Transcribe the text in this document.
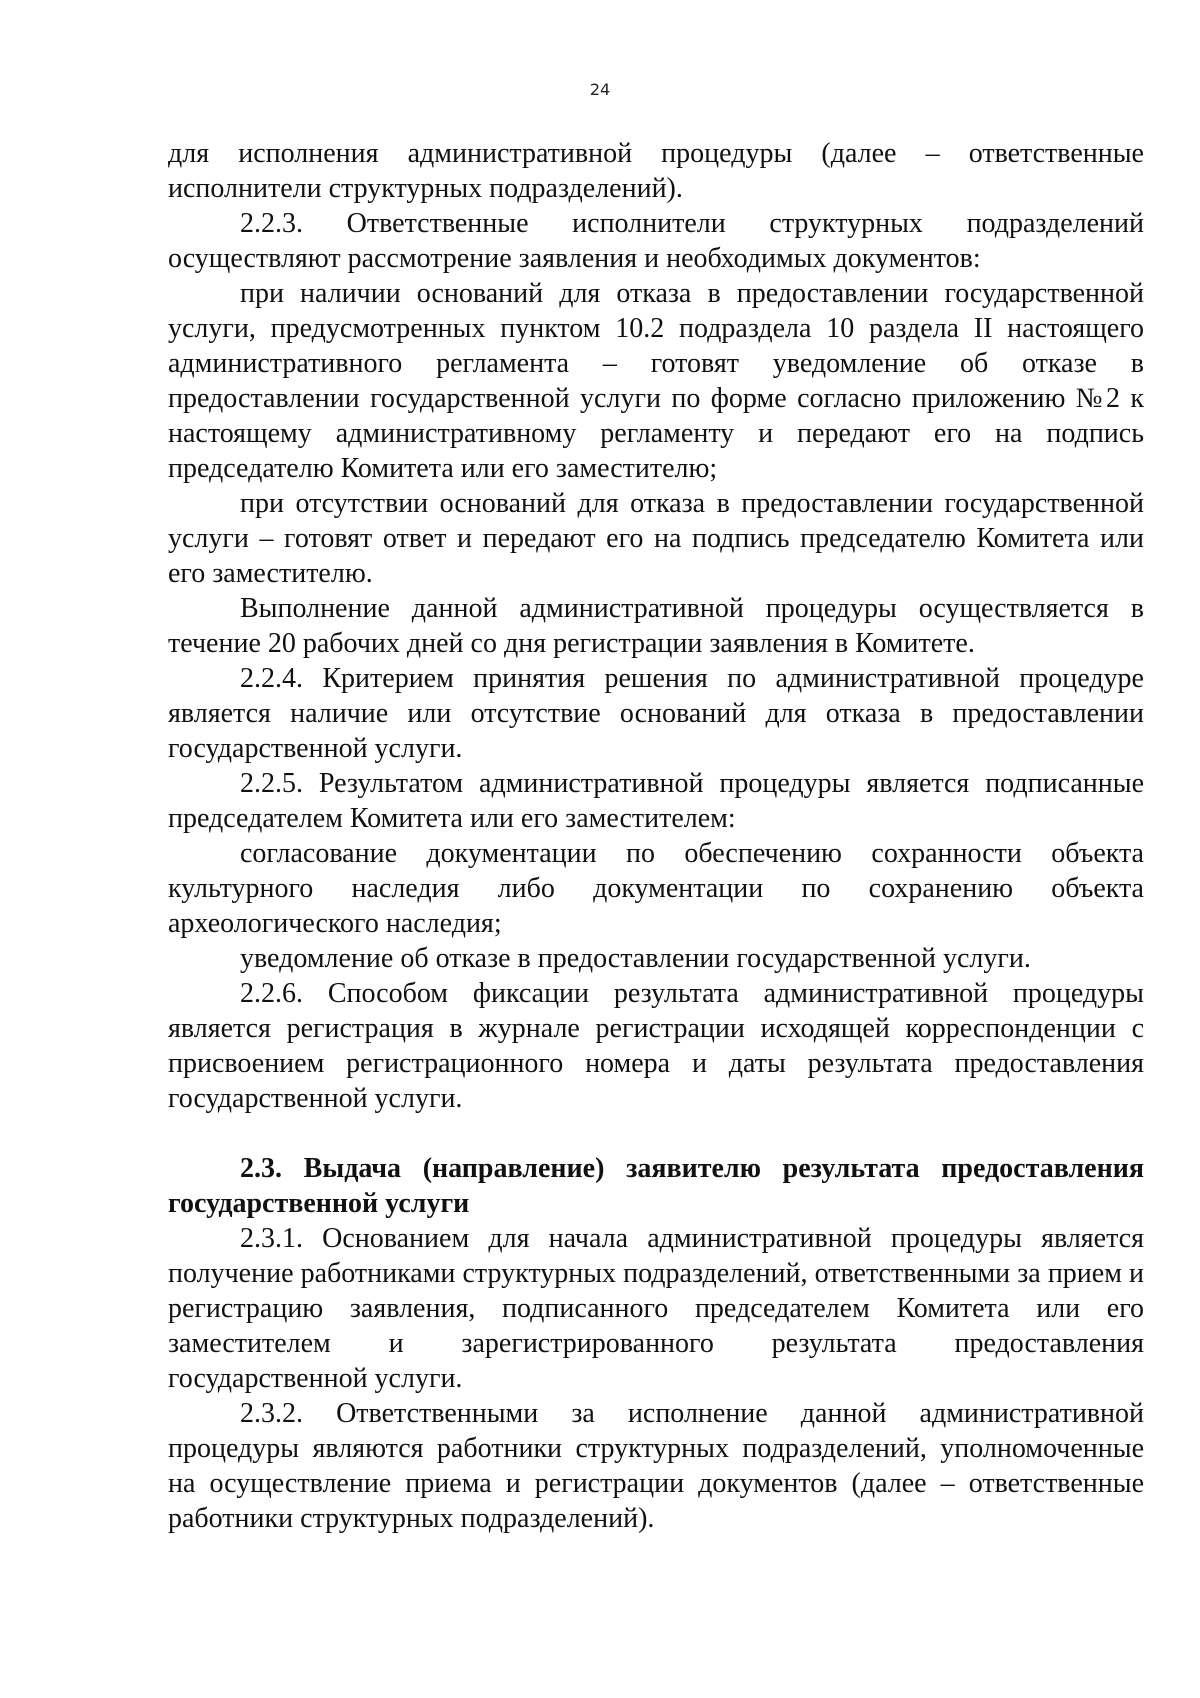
24

для исполнения административной процедуры (далее – ответственные исполнители структурных подразделений).

2.2.3. Ответственные исполнители структурных подразделений осуществляют рассмотрение заявления и необходимых документов:

при наличии оснований для отказа в предоставлении государственной услуги, предусмотренных пунктом 10.2 подраздела 10 раздела II настоящего административного регламента – готовят уведомление об отказе в предоставлении государственной услуги по форме согласно приложению №2 к настоящему административному регламенту и передают его на подпись председателю Комитета или его заместителю;

при отсутствии оснований для отказа в предоставлении государственной услуги – готовят ответ и передают его на подпись председателю Комитета или его заместителю.

Выполнение данной административной процедуры осуществляется в течение 20 рабочих дней со дня регистрации заявления в Комитете.

2.2.4. Критерием принятия решения по административной процедуре является наличие или отсутствие оснований для отказа в предоставлении государственной услуги.

2.2.5. Результатом административной процедуры является подписанные председателем Комитета или его заместителем:

согласование документации по обеспечению сохранности объекта культурного наследия либо документации по сохранению объекта археологического наследия;

уведомление об отказе в предоставлении государственной услуги.

2.2.6. Способом фиксации результата административной процедуры является регистрация в журнале регистрации исходящей корреспонденции с присвоением регистрационного номера и даты результата предоставления государственной услуги.

2.3. Выдача (направление) заявителю результата предоставления государственной услуги

2.3.1. Основанием для начала административной процедуры является получение работниками структурных подразделений, ответственными за прием и регистрацию заявления, подписанного председателем Комитета или его заместителем и зарегистрированного результата предоставления государственной услуги.

2.3.2. Ответственными за исполнение данной административной процедуры являются работники структурных подразделений, уполномоченные на осуществление приема и регистрации документов (далее – ответственные работники структурных подразделений).
